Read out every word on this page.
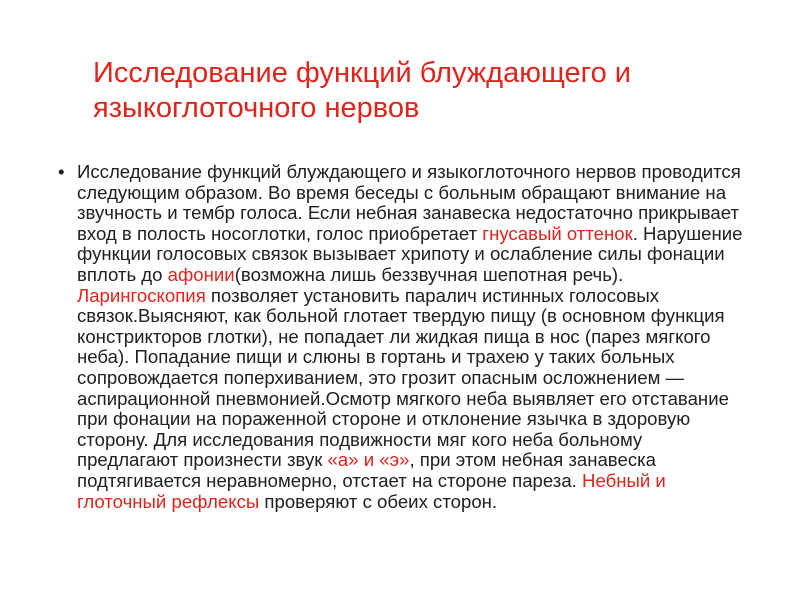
Исследование функций блуждающего и языкоглоточного нервов
• Исследование функций блуждающего и языкоглоточного нервов проводится следующим образом. Во время беседы с больным обращают внимание на звучность и тембр голоса. Если небная занавеска недостаточно прикрывает вход в полость носоглотки, голос приобретает гнусавый оттенок. Нарушение функции голосовых связок вызывает хрипоту и ослабление силы фонации вплоть до афонии(возможна лишь беззвучная шепотная речь). Ларингоскопия позволяет установить паралич истинных голосовых связок.Выясняют, как больной глотает твердую пищу (в основном функция констрикторов глотки), не попадает ли жидкая пища в нос (парез мягкого неба). Попадание пищи и слюны в гортань и трахею у таких больных сопровождается поперхиванием, это грозит опасным осложнением — аспирационной пневмонией.Осмотр мягкого неба выявляет его отставание при фонации на пораженной стороне и отклонение язычка в здоровую сторону. Для исследования подвижности мяг кого неба больному предлагают произнести звук «а» и «э», при этом небная занавеска подтягивается неравномерно, отстает на стороне пареза. Небный и глоточный рефлексы проверяют с обеих сторон.
